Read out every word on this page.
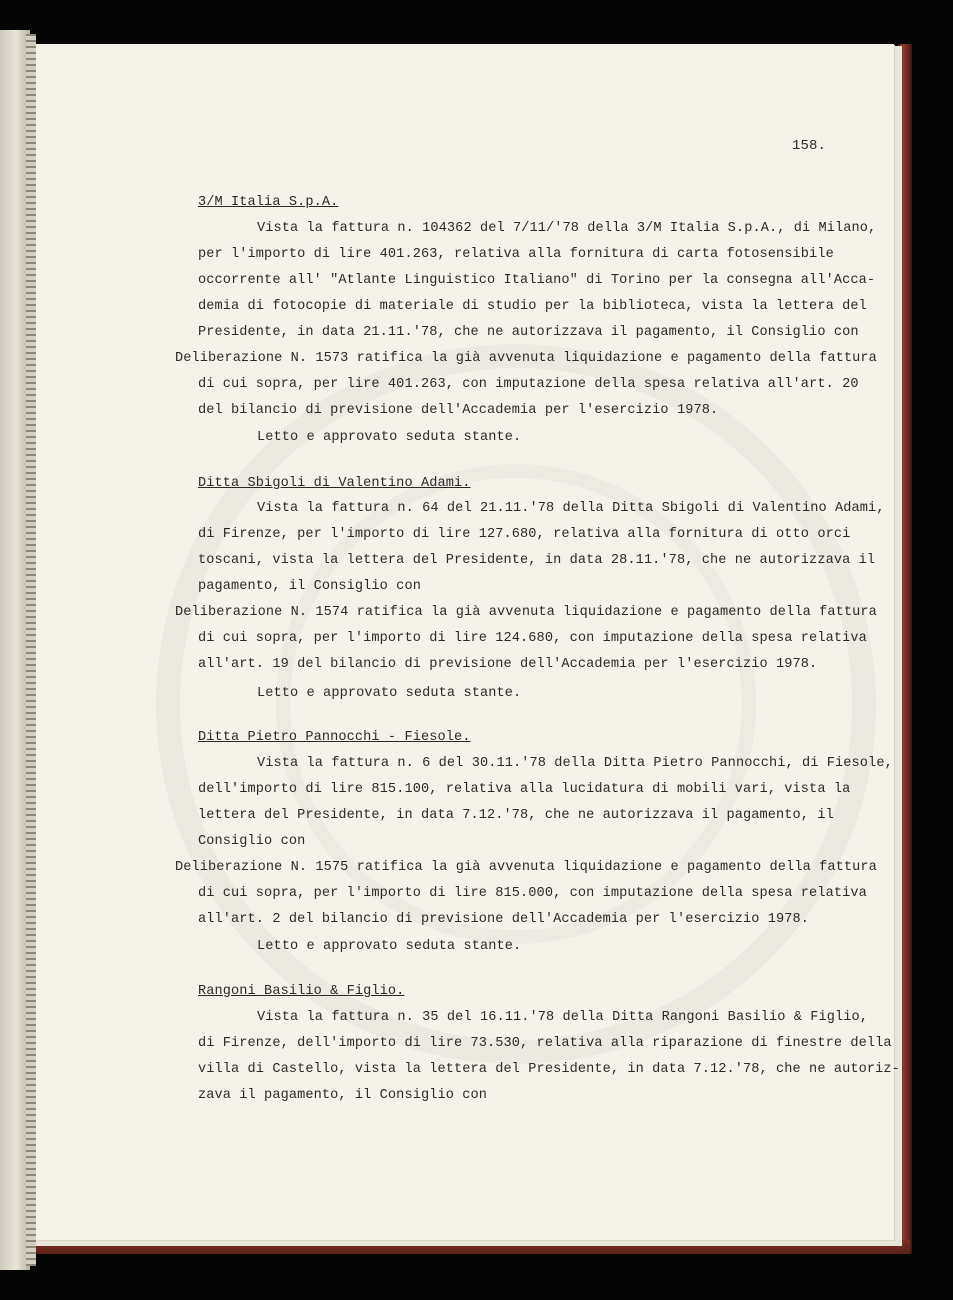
158.
3/M Italia S.p.A.
Vista la fattura n. 104362 del 7/11/'78 della 3/M Italia S.p.A., di Milano,
per l'importo di lire 401.263, relativa alla fornitura di carta fotosensibile
occorrente all' "Atlante Linguistico Italiano" di Torino per la consegna all'Acca-
demia di fotocopie di materiale di studio per la biblioteca, vista la lettera del
Presidente, in data 21.11.'78, che ne autorizzava il pagamento, il Consiglio con
Deliberazione N. 1573 ratifica la già avvenuta liquidazione e pagamento della fattura
di cui sopra, per lire 401.263, con imputazione della spesa relativa all'art. 20
del bilancio di previsione dell'Accademia per l'esercizio 1978.
Letto e approvato seduta stante.
Ditta Sbigoli di Valentino Adami.
Vista la fattura n. 64 del 21.11.'78 della Ditta Sbigoli di Valentino Adami,
di Firenze, per l'importo di lire 127.680, relativa alla fornitura di otto orci
toscani, vista la lettera del Presidente, in data 28.11.'78, che ne autorizzava il
pagamento, il Consiglio con
Deliberazione N. 1574 ratifica la già avvenuta liquidazione e pagamento della fattura
di cui sopra, per l'importo di lire 124.680, con imputazione della spesa relativa
all'art. 19 del bilancio di previsione dell'Accademia per l'esercizio 1978.
Letto e approvato seduta stante.
Ditta Pietro Pannocchi - Fiesole.
Vista la fattura n. 6 del 30.11.'78 della Ditta Pietro Pannocchi, di Fiesole,
dell'importo di lire 815.100, relativa alla lucidatura di mobili vari, vista la
lettera del Presidente, in data 7.12.'78, che ne autorizzava il pagamento, il
Consiglio con
Deliberazione N. 1575 ratifica la già avvenuta liquidazione e pagamento della fattura
di cui sopra, per l'importo di lire 815.000, con imputazione della spesa relativa
all'art. 2 del bilancio di previsione dell'Accademia per l'esercizio 1978.
Letto e approvato seduta stante.
Rangoni Basilio & Figlio.
Vista la fattura n. 35 del 16.11.'78 della Ditta Rangoni Basilio & Figlio,
di Firenze, dell'importo di lire 73.530, relativa alla riparazione di finestre della
villa di Castello, vista la lettera del Presidente, in data 7.12.'78, che ne autoriz-
zava il pagamento, il Consiglio con
